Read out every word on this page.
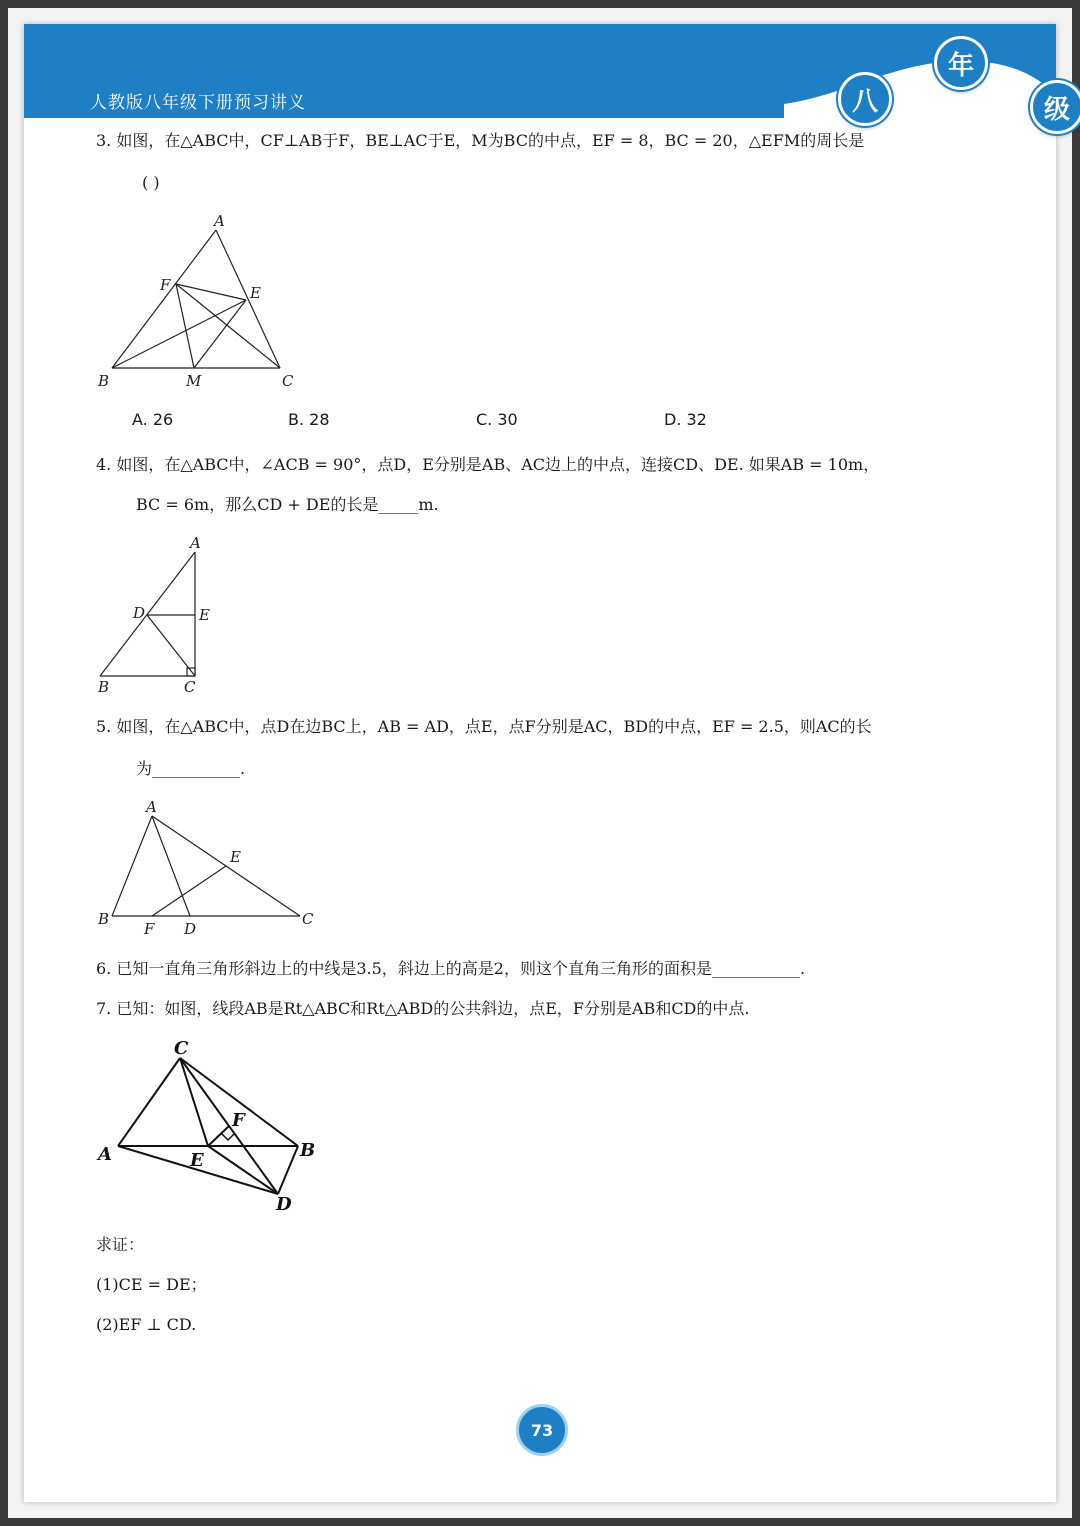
人教版八年级下册预习讲义	八
年
级
3. 如图，在△ABC中，CF⊥AB于F，BE⊥AC于E，M为BC的中点，EF = 8，BC = 20，△EFM的周长是
( )
A
F	E
B	M	C
A. 26	B. 28	C. 30	D. 32
4. 如图，在△ABC中，∠ACB = 90°，点D，E分别是AB、AC边上的中点，连接CD、DE. 如果AB = 10m，
BC = 6m，那么CD + DE的长是_____m.
A
D	E
B	C
5. 如图，在△ABC中，点D在边BC上，AB = AD，点E，点F分别是AC，BD的中点，EF = 2.5，则AC的长
为___________.
A
E
B
F D
C
6. 已知一直角三角形斜边上的中线是3.5，斜边上的高是2，则这个直角三角形的面积是___________.
7. 已知：如图，线段AB是Rt△ABC和Rt△ABD的公共斜边，点E，F分别是AB和CD的中点.
C
F
A	E	B
D
求证：
(1)CE = DE；
(2)EF ⊥ CD.
73
